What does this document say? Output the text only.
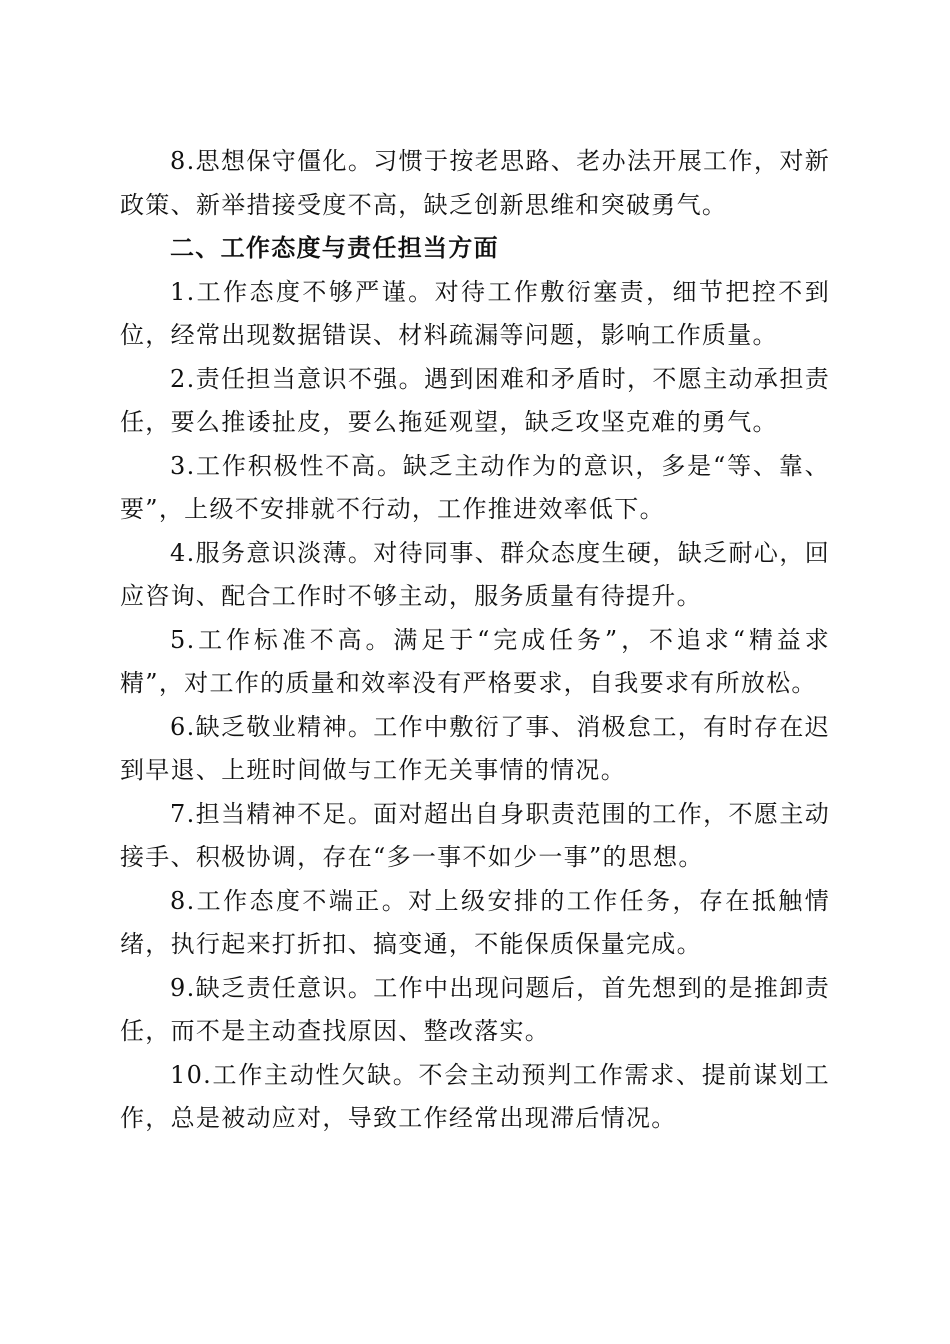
8.思想保守僵化。习惯于按老思路、老办法开展工作，对新政策、新举措接受度不高，缺乏创新思维和突破勇气。

二、工作态度与责任担当方面

1.工作态度不够严谨。对待工作敷衍塞责，细节把控不到位，经常出现数据错误、材料疏漏等问题，影响工作质量。

2.责任担当意识不强。遇到困难和矛盾时，不愿主动承担责任，要么推诿扯皮，要么拖延观望，缺乏攻坚克难的勇气。

3.工作积极性不高。缺乏主动作为的意识，多是“等、靠、要”，上级不安排就不行动，工作推进效率低下。

4.服务意识淡薄。对待同事、群众态度生硬，缺乏耐心，回应咨询、配合工作时不够主动，服务质量有待提升。

5.工作标准不高。满足于“完成任务”，不追求“精益求精”，对工作的质量和效率没有严格要求，自我要求有所放松。

6.缺乏敬业精神。工作中敷衍了事、消极怠工，有时存在迟到早退、上班时间做与工作无关事情的情况。

7.担当精神不足。面对超出自身职责范围的工作，不愿主动接手、积极协调，存在“多一事不如少一事”的思想。

8.工作态度不端正。对上级安排的工作任务，存在抵触情绪，执行起来打折扣、搞变通，不能保质保量完成。

9.缺乏责任意识。工作中出现问题后，首先想到的是推卸责任，而不是主动查找原因、整改落实。

10.工作主动性欠缺。不会主动预判工作需求、提前谋划工作，总是被动应对，导致工作经常出现滞后情况。
